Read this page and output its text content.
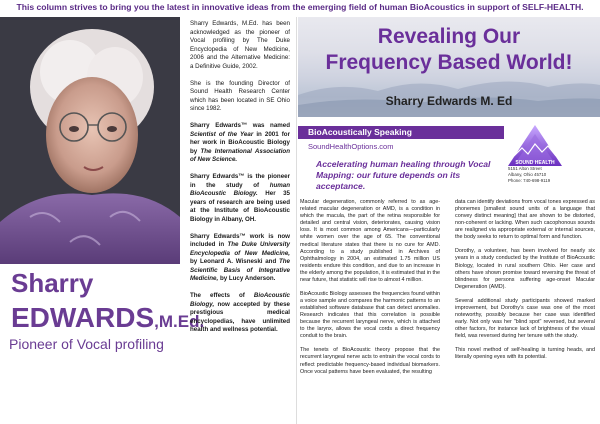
This column strives to bring you the latest in innovative ideas from the emerging field of human BioAcoustics in support of SELF-HEALTH.
Sharry
EDWARDS,M.Ed.
Pioneer of Vocal profiling

Sharry Edwards, M.Ed. has been acknowledged as the pioneer of Vocal profiling by The Duke Encyclopedia of New Medicine, 2006 and the Alternative Medicine: a Definitive Guide, 2002.

She is the founding Director of Sound Health Research Center which has been located in SE Ohio since 1982.

Sharry Edwards™ was named Scientist of the Year in 2001 for her work in BioAcoustic Biology by The International Association of New Science.

Sharry Edwards™ is the pioneer in the study of human BioAcoustic Biology. Her 35 years of research are being used at the Institute of BioAcoustic Biology in Albany, OH.

Sharry Edwards™ work is now included in The Duke University Encyclopedia of New Medicine, by Leonard A. Wisneski and The Scientific Basis of Integrative Medicine, by Lucy Anderson.

The effects of BioAcoustic Biology, now accepted by these prestigious medical encyclopedias, have unlimited health and wellness potential.

Revealing Our
Frequency Based World!
Sharry Edwards M. Ed
BioAcoustically Speaking
SoundHealthOptions.com
SOUND HEALTH
5151 Alton Street
Albany, Ohio 45710
Phone: 740-698-9119
Accelerating human healing through Vocal Mapping: our future depends on its acceptance.

Macular degeneration, commonly referred to as age-related macular degeneration or AMD, is a condition in which the macula, the part of the retina responsible for detailed and central vision, deteriorates, causing vision loss. It is most common among Americans—particularly white women over the age of 65. The conventional medical literature states that there is no cure for AMD. According to a study published in Archives of Ophthalmology in 2004, an estimated 1.75 million US residents endure this condition, and due to an increase in the elderly among the population, it is estimated that in the near future, that statistic will rise to almost 4 million.

BioAcoustic Biology assesses the frequencies found within a voice sample and compares the harmonic patterns to an established software database that can detect anomalies. Research indicates that this correlation is possible because the recurrent laryngeal nerve, which is attached to the larynx, allows the vocal cords a direct frequency conduit to the brain.

The tenets of BioAcoustic theory propose that the recurrent laryngeal nerve acts to entrain the vocal cords to reflect predictable frequency-based individual biomarkers. Once vocal patterns have been evaluated, the resulting

data can identify deviations from vocal tones expressed as phonemes [smallest sound units of a language that convey distinct meaning] that are shown to be distorted, non-coherent or lacking. When such cacophonous sounds are realigned via appropriate external or internal sources, the body seeks to return to optimal form and function.

Dorothy, a volunteer, has been involved for nearly six years in a study conducted by the Institute of BioAcoustic Biology, located in rural southern Ohio. Her case and others have shown promise toward reversing the threat of blindness for persons suffering age-onset Macular Degeneration (AMD).

Several additional study participants showed marked improvement, but Dorothy's case was one of the most noteworthy, possibly because her case was identified early. Not only was her "blind spot" reversed, but several other factors, for instance lack of brightness of the visual field, was reversed during her tenure with the study.

This novel method of self-healing is turning heads, and literally opening eyes with its potential.
